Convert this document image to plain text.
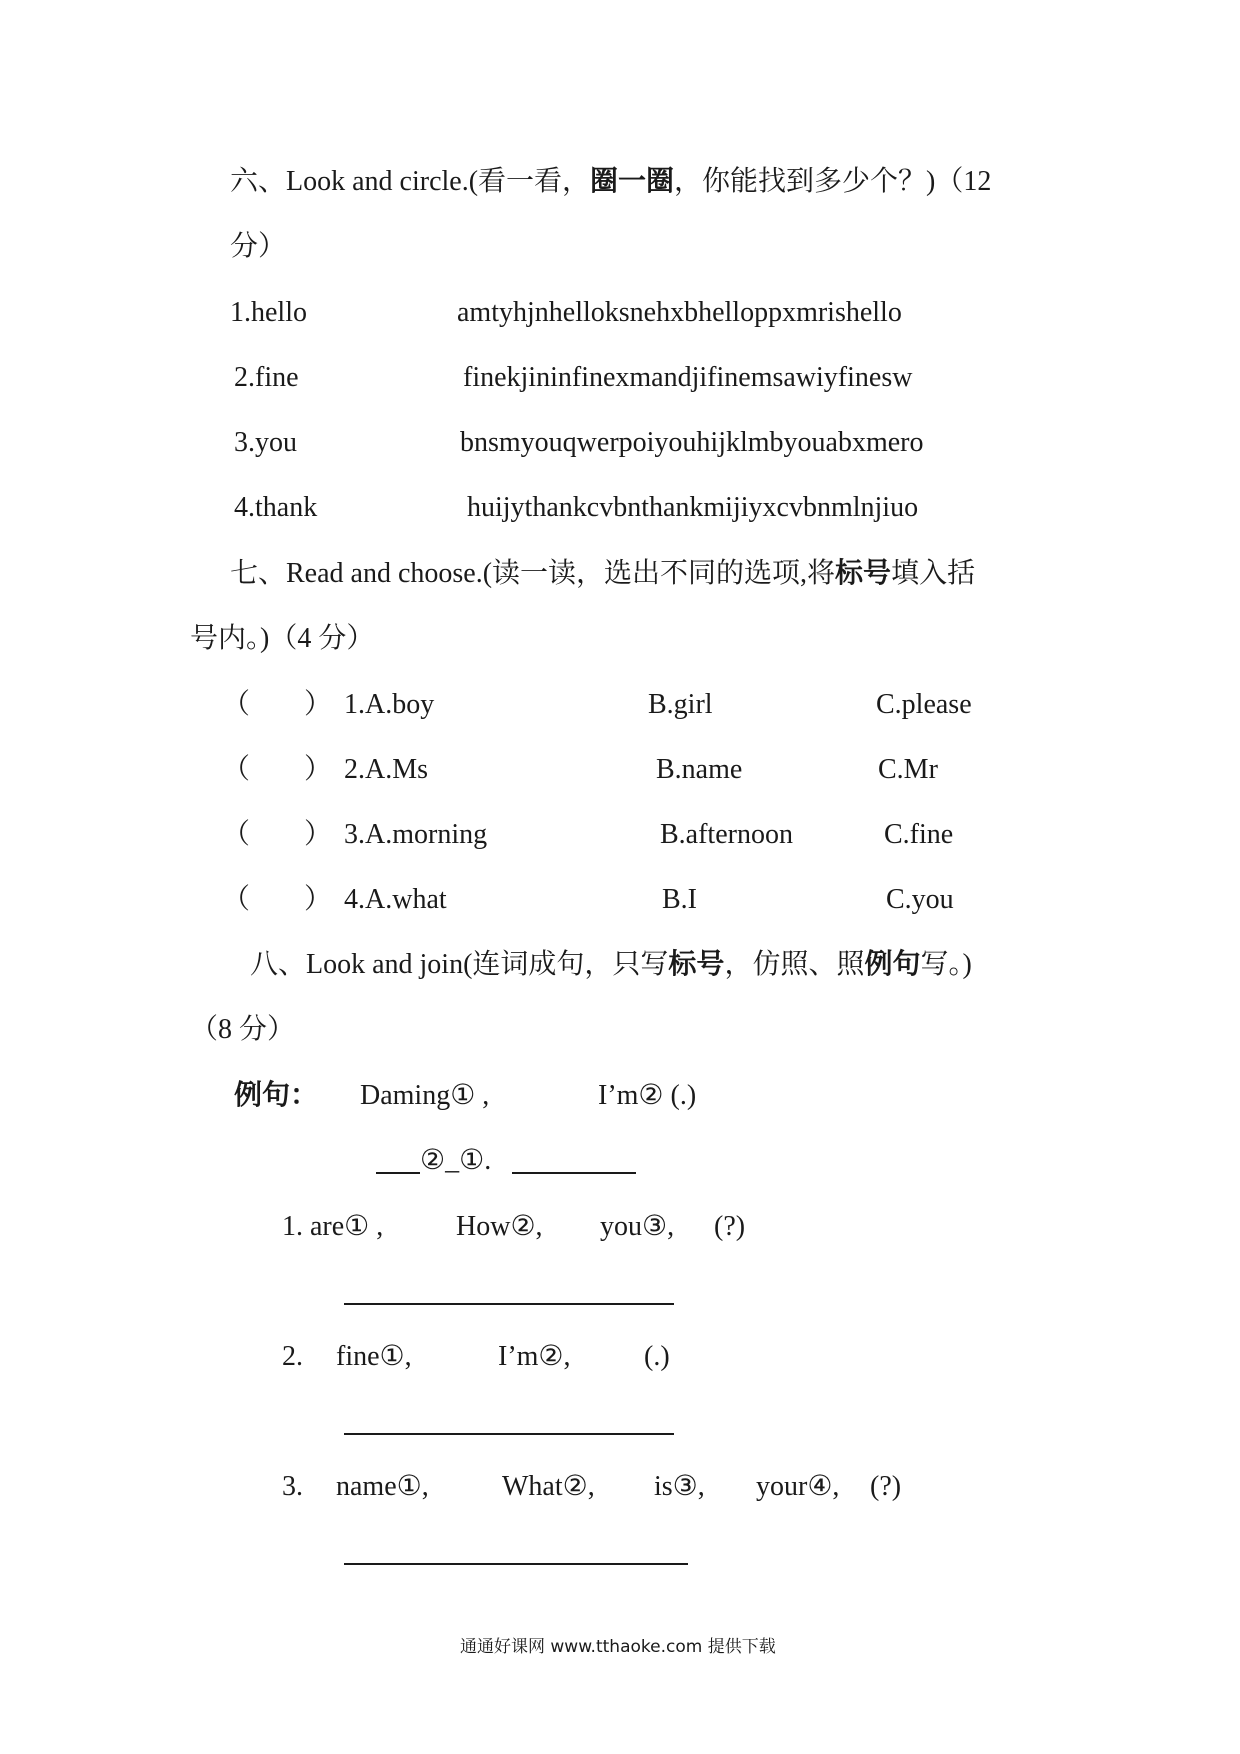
六、Look and circle.(看一看，圈一圈，你能找到多少个？)（12
分）
1.hello	amtyhjnhelloksnehxbhelloppxmrishello
2.fine	finekjininfinexmandjifinemsawiyfinesw
3.you	bnsmyouqwerpoiyouhijklmbyouabxmero
4.thank	huijythankcvbnthankmijiyxcvbnmlnjiuo
七、Read and choose.(读一读，选出不同的选项,将标号填入括
号内。)（4 分）
（ ） 1.A.boy	B.girl	C.please
（ ） 2.A.Ms	B.name	C.Mr
（ ） 3.A.morning	B.afternoon	C.fine
（ ） 4.A.what	B.I	C.you
八、Look and join(连词成句，只写标号，仿照、照例句写。)
（8 分）
例句： Daming① ,	I’m② (.)
②_①.
1. are① ,	How②, you③, (?)
2. fine①,	I’m②,	(.)
3. name①,	What②, is③, your④, (?)
通通好课网 www.tthaoke.com 提供下载
